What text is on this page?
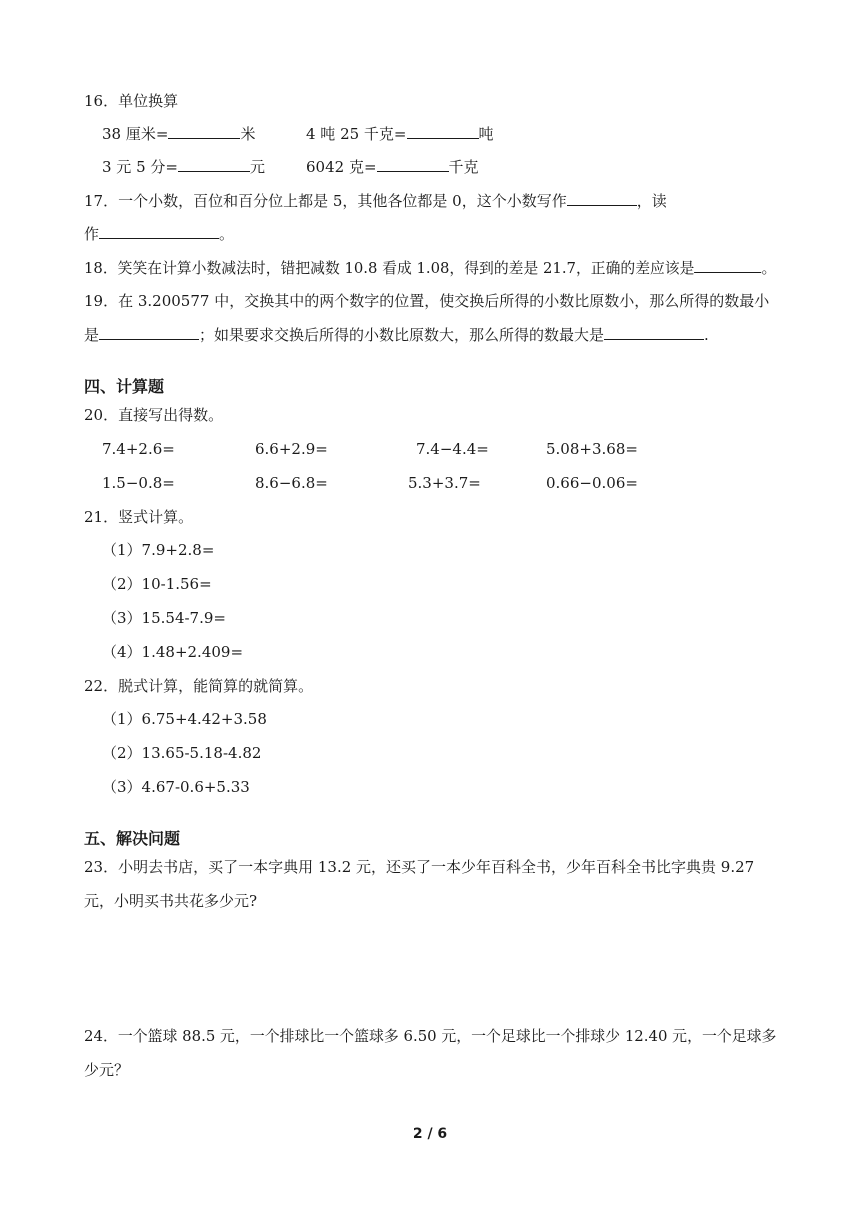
16．单位换算
38 厘米=	米	4 吨 25 千克=	吨
3 元 5 分=	元	6042 克=	千克
17．一个小数，百位和百分位上都是 5，其他各位都是 0，这个小数写作	，读
作	。
18．笑笑在计算小数减法时，错把减数 10.8 看成 1.08，得到的差是 21.7，正确的差应该是	。
19．在 3.200577 中，交换其中的两个数字的位置，使交换后所得的小数比原数小，那么所得的数最小
是	；如果要求交换后所得的小数比原数大，那么所得的数最大是	.
四、计算题
20．直接写出得数。
7.4+2.6=	6.6+2.9=	7.4−4.4=	5.08+3.68=
1.5−0.8=	8.6−6.8=	5.3+3.7=	0.66−0.06=
21．竖式计算。
（1）7.9+2.8=
（2）10-1.56=
（3）15.54-7.9=
（4）1.48+2.409=
22．脱式计算，能简算的就简算。
（1）6.75+4.42+3.58
（2）13.65-5.18-4.82
（3）4.67-0.6+5.33
五、解决问题
23．小明去书店，买了一本字典用 13.2 元，还买了一本少年百科全书，少年百科全书比字典贵 9.27
元，小明买书共花多少元?
24．一个篮球 88.5 元，一个排球比一个篮球多 6.50 元，一个足球比一个排球少 12.40 元，一个足球多
少元？
2 / 6
